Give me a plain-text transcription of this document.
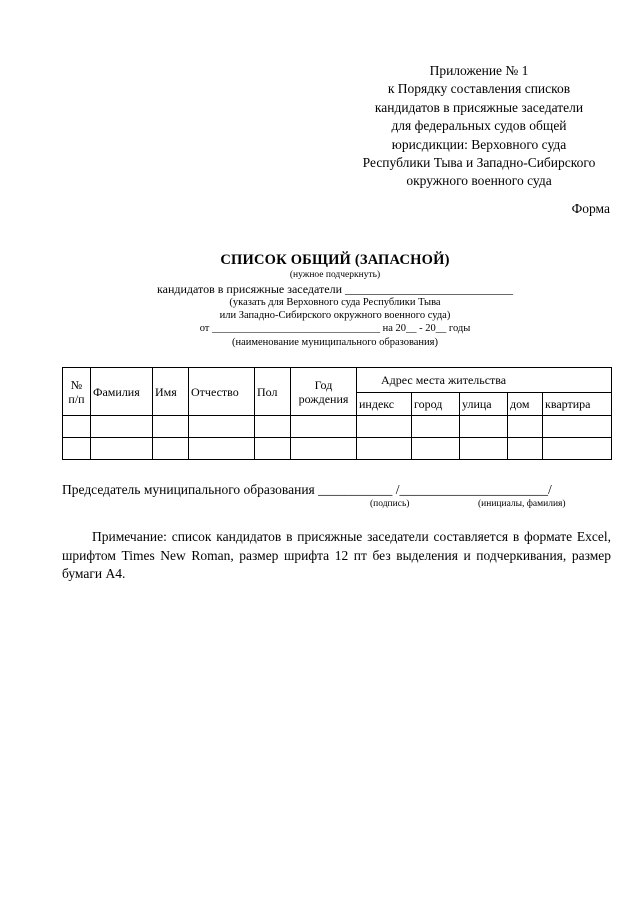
Приложение № 1
к Порядку составления списков
кандидатов в присяжные заседатели
для федеральных судов общей
юрисдикции: Верховного суда
Республики Тыва и Западно-Сибирского
окружного военного суда
Форма
СПИСОК ОБЩИЙ (ЗАПАСНОЙ)
(нужное подчеркнуть)
кандидатов в присяжные заседатели ____________________________
(указать для Верховного суда Республики Тыва
или Западно-Сибирского окружного военного суда)
от ________________________________ на 20__ - 20__ годы
(наименование муниципального образования)
№ п/п	Фамилия	Имя	Отчество	Пол	Год рождения	Адрес места жительства				
						индекс	город	улица	дом	квартира

Председатель муниципального образования ___________ /______________________/
(подпись)	(инициалы, фамилия)
Примечание: список кандидатов в присяжные заседатели составляется в формате Excel, шрифтом Times New Roman, размер шрифта 12 пт без выделения и подчеркивания, размер бумаги А4.
